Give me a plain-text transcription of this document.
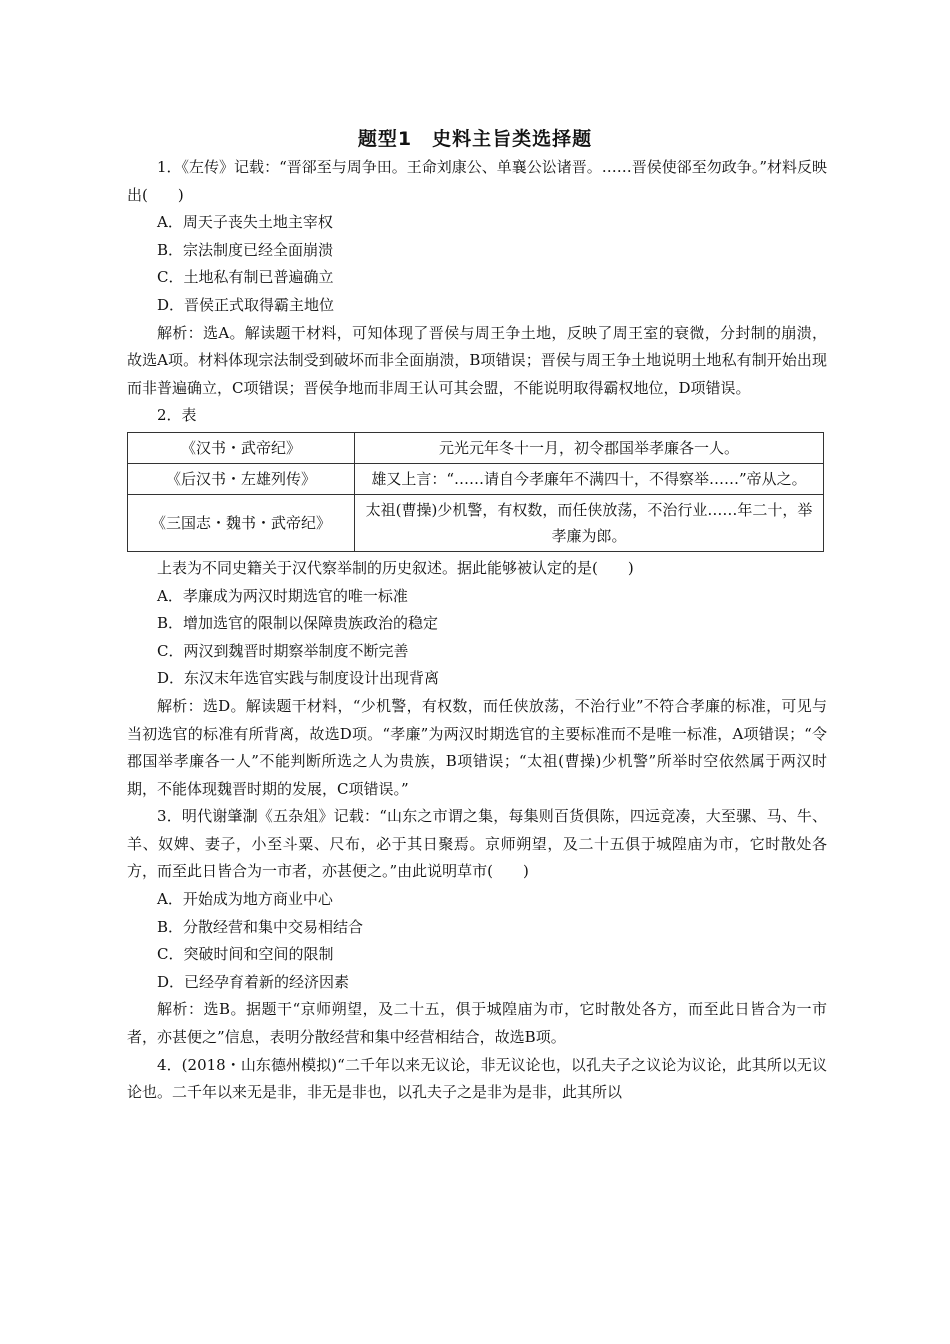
题型1　史料主旨类选择题

1．《左传》记载：“晋郤至与周争田。王命刘康公、单襄公讼诸晋。……晋侯使郤至勿政争。”材料反映出(　　)

A．周天子丧失土地主宰权

B．宗法制度已经全面崩溃

C．土地私有制已普遍确立

D．晋侯正式取得霸主地位

解析：选A。解读题干材料，可知体现了晋侯与周王争土地，反映了周王室的衰微，分封制的崩溃，故选A项。材料体现宗法制受到破坏而非全面崩溃，B项错误；晋侯与周王争土地说明土地私有制开始出现而非普遍确立，C项错误；晋侯争地而非周王认可其会盟，不能说明取得霸权地位，D项错误。

2．表

《汉书・武帝纪》	元光元年冬十一月，初令郡国举孝廉各一人。
《后汉书・左雄列传》	雄又上言：“……请自今孝廉年不满四十，不得察举……”帝从之。
《三国志・魏书・武帝纪》	太祖(曹操)少机警，有权数，而任侠放荡，不治行业……年二十，举孝廉为郎。

上表为不同史籍关于汉代察举制的历史叙述。据此能够被认定的是(　　)

A．孝廉成为两汉时期选官的唯一标准

B．增加选官的限制以保障贵族政治的稳定

C．两汉到魏晋时期察举制度不断完善

D．东汉末年选官实践与制度设计出现背离

解析：选D。解读题干材料，“少机警，有权数，而任侠放荡，不治行业”不符合孝廉的标准，可见与当初选官的标准有所背离，故选D项。“孝廉”为两汉时期选官的主要标准而不是唯一标准，A项错误；“令郡国举孝廉各一人”不能判断所选之人为贵族，B项错误；“太祖(曹操)少机警”所举时空依然属于两汉时期，不能体现魏晋时期的发展，C项错误。”

3．明代谢肇淛《五杂俎》记载：“山东之市谓之集，每集则百货俱陈，四远竞凑，大至骡、马、牛、羊、奴婢、妻子，小至斗粟、尺布，必于其日聚焉。京师朔望，及二十五俱于城隍庙为市，它时散处各方，而至此日皆合为一市者，亦甚便之。”由此说明草市(　　)

A．开始成为地方商业中心

B．分散经营和集中交易相结合

C．突破时间和空间的限制

D．已经孕育着新的经济因素

解析：选B。据题干“京师朔望，及二十五，俱于城隍庙为市，它时散处各方，而至此日皆合为一市者，亦甚便之”信息，表明分散经营和集中经营相结合，故选B项。

4．(2018・山东德州模拟)“二千年以来无议论，非无议论也，以孔夫子之议论为议论，此其所以无议论也。二千年以来无是非，非无是非也，以孔夫子之是非为是非，此其所以
